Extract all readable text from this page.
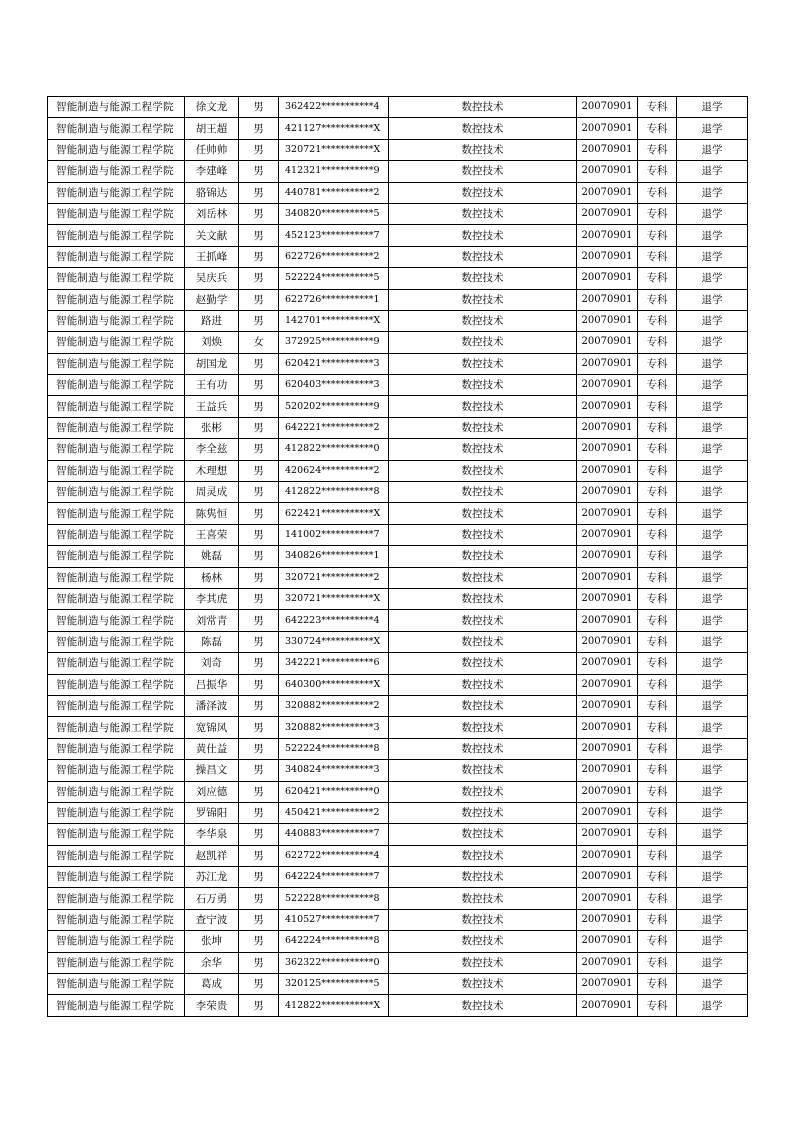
智能制造与能源工程学院	徐文龙	男	362422***********4	数控技术	20070901	专科	退学
智能制造与能源工程学院	胡王超	男	421127***********X	数控技术	20070901	专科	退学
智能制造与能源工程学院	任帅帅	男	320721***********X	数控技术	20070901	专科	退学
智能制造与能源工程学院	李建峰	男	412321***********9	数控技术	20070901	专科	退学
智能制造与能源工程学院	骆锦达	男	440781***********2	数控技术	20070901	专科	退学
智能制造与能源工程学院	刘岳林	男	340820***********5	数控技术	20070901	专科	退学
智能制造与能源工程学院	关文献	男	452123***********7	数控技术	20070901	专科	退学
智能制造与能源工程学院	王抓峰	男	622726***********2	数控技术	20070901	专科	退学
智能制造与能源工程学院	吴庆兵	男	522224***********5	数控技术	20070901	专科	退学
智能制造与能源工程学院	赵勤学	男	622726***********1	数控技术	20070901	专科	退学
智能制造与能源工程学院	路进	男	142701***********X	数控技术	20070901	专科	退学
智能制造与能源工程学院	刘焕	女	372925***********9	数控技术	20070901	专科	退学
智能制造与能源工程学院	胡国龙	男	620421***********3	数控技术	20070901	专科	退学
智能制造与能源工程学院	王有功	男	620403***********3	数控技术	20070901	专科	退学
智能制造与能源工程学院	王益兵	男	520202***********9	数控技术	20070901	专科	退学
智能制造与能源工程学院	张彬	男	642221***********2	数控技术	20070901	专科	退学
智能制造与能源工程学院	李全兹	男	412822***********0	数控技术	20070901	专科	退学
智能制造与能源工程学院	木理想	男	420624***********2	数控技术	20070901	专科	退学
智能制造与能源工程学院	周灵成	男	412822***********8	数控技术	20070901	专科	退学
智能制造与能源工程学院	陈隽恒	男	622421***********X	数控技术	20070901	专科	退学
智能制造与能源工程学院	王喜荣	男	141002***********7	数控技术	20070901	专科	退学
智能制造与能源工程学院	姚磊	男	340826***********1	数控技术	20070901	专科	退学
智能制造与能源工程学院	杨林	男	320721***********2	数控技术	20070901	专科	退学
智能制造与能源工程学院	李其虎	男	320721***********X	数控技术	20070901	专科	退学
智能制造与能源工程学院	刘常青	男	642223***********4	数控技术	20070901	专科	退学
智能制造与能源工程学院	陈磊	男	330724***********X	数控技术	20070901	专科	退学
智能制造与能源工程学院	刘奇	男	342221***********6	数控技术	20070901	专科	退学
智能制造与能源工程学院	吕振华	男	640300***********X	数控技术	20070901	专科	退学
智能制造与能源工程学院	潘泽波	男	320882***********2	数控技术	20070901	专科	退学
智能制造与能源工程学院	宽锦风	男	320882***********3	数控技术	20070901	专科	退学
智能制造与能源工程学院	黄仕益	男	522224***********8	数控技术	20070901	专科	退学
智能制造与能源工程学院	操昌文	男	340824***********3	数控技术	20070901	专科	退学
智能制造与能源工程学院	刘应德	男	620421***********0	数控技术	20070901	专科	退学
智能制造与能源工程学院	罗锦阳	男	450421***********2	数控技术	20070901	专科	退学
智能制造与能源工程学院	李华泉	男	440883***********7	数控技术	20070901	专科	退学
智能制造与能源工程学院	赵凯祥	男	622722***********4	数控技术	20070901	专科	退学
智能制造与能源工程学院	苏江龙	男	642224***********7	数控技术	20070901	专科	退学
智能制造与能源工程学院	石万勇	男	522228***********8	数控技术	20070901	专科	退学
智能制造与能源工程学院	查宁波	男	410527***********7	数控技术	20070901	专科	退学
智能制造与能源工程学院	张坤	男	642224***********8	数控技术	20070901	专科	退学
智能制造与能源工程学院	余华	男	362322***********0	数控技术	20070901	专科	退学
智能制造与能源工程学院	葛成	男	320125***********5	数控技术	20070901	专科	退学
智能制造与能源工程学院	李荣贵	男	412822***********X	数控技术	20070901	专科	退学
